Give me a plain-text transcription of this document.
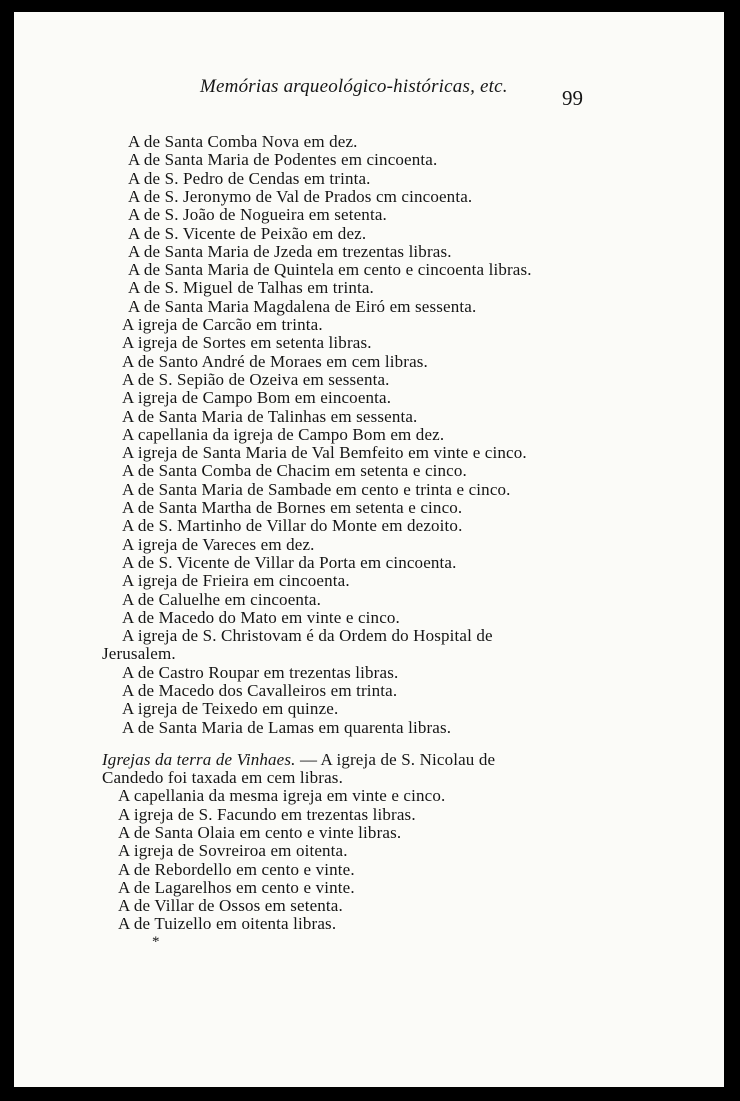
Memórias arqueológico-históricas, etc.	99
A de Santa Comba Nova em dez.
A de Santa Maria de Podentes em cincoenta.
A de S. Pedro de Cendas em trinta.
A de S. Jeronymo de Val de Prados cm cincoenta.
A de S. João de Nogueira em setenta.
A de S. Vicente de Peixão em dez.
A de Santa Maria de Jzeda em trezentas libras.
A de Santa Maria de Quintela em cento e cincoenta libras.
A de S. Miguel de Talhas em trinta.
A de Santa Maria Magdalena de Eiró em sessenta.
A igreja de Carcão em trinta.
A igreja de Sortes em setenta libras.
A de Santo André de Moraes em cem libras.
A de S. Sepião de Ozeiva em sessenta.
A igreja de Campo Bom em eincoenta.
A de Santa Maria de Talinhas em sessenta.
A capellania da igreja de Campo Bom em dez.
A igreja de Santa Maria de Val Bemfeito em vinte e cinco.
A de Santa Comba de Chacim em setenta e cinco.
A de Santa Maria de Sambade em cento e trinta e cinco.
A de Santa Martha de Bornes em setenta e cinco.
A de S. Martinho de Villar do Monte em dezoito.
A igreja de Vareces em dez.
A de S. Vicente de Villar da Porta em cincoenta.
A igreja de Frieira em cincoenta.
A de Caluelhe em cincoenta.
A de Macedo do Mato em vinte e cinco.
A igreja de S. Christovam é da Ordem do Hospital de
Jerusalem.
A de Castro Roupar em trezentas libras.
A de Macedo dos Cavalleiros em trinta.
A igreja de Teixedo em quinze.
A de Santa Maria de Lamas em quarenta libras.
Igrejas da terra de Vinhaes. — A igreja de S. Nicolau de
Candedo foi taxada em cem libras.
A capellania da mesma igreja em vinte e cinco.
A igreja de S. Facundo em trezentas libras.
A de Santa Olaia em cento e vinte libras.
A igreja de Sovreiroa em oitenta.
A de Rebordello em cento e vinte.
A de Lagarelhos em cento e vinte.
A de Villar de Ossos em setenta.
A de Tuizello em oitenta libras.
*
